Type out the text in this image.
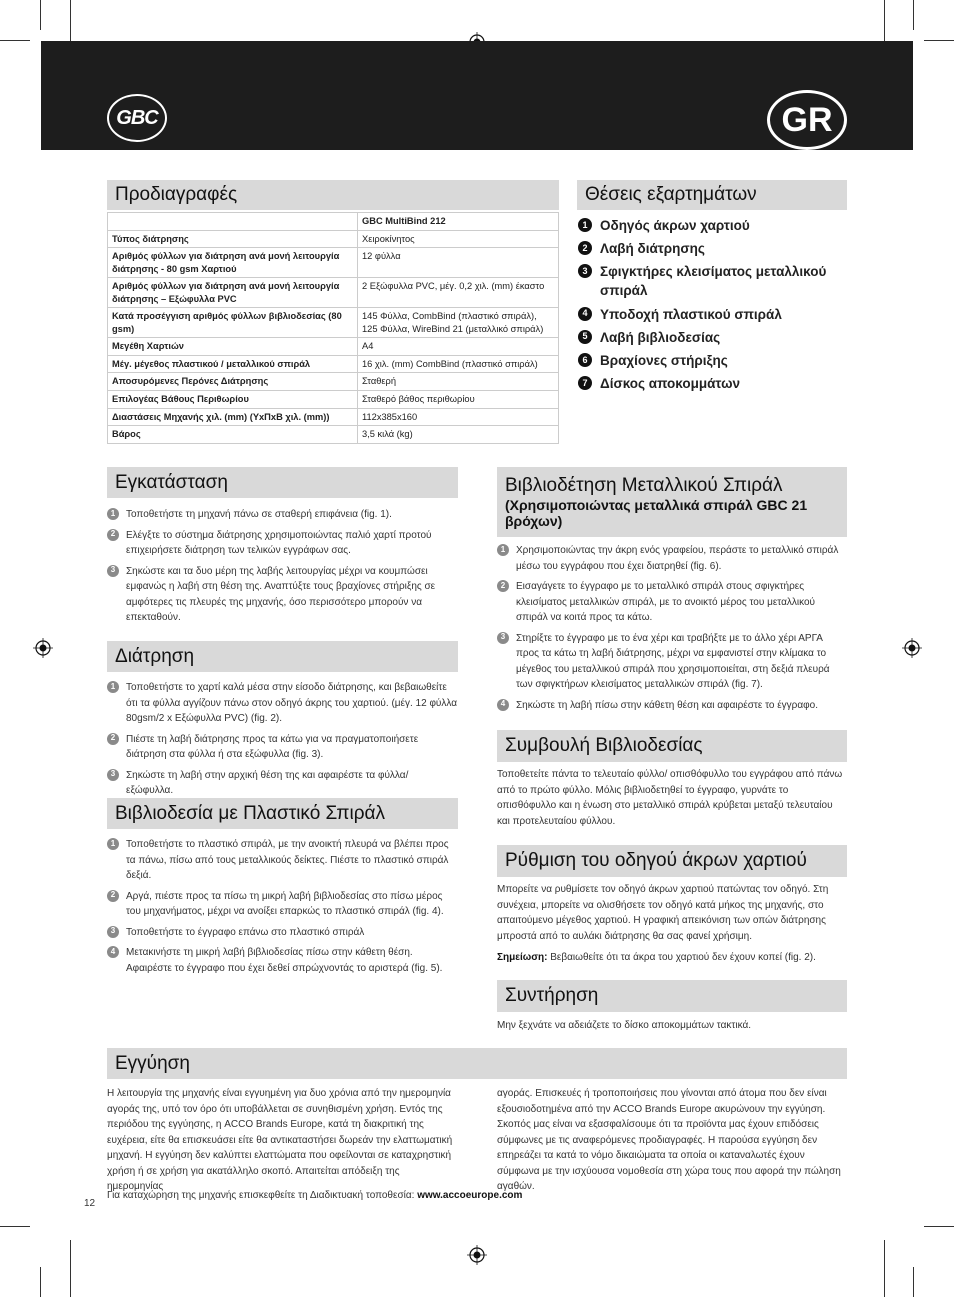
GBC	GR
Προδιαγραφές
	GBC MultiBind 212
Τύπος διάτρησης	Χειροκίνητος
Αριθμός φύλλων για διάτρηση ανά μονή λειτουργία διάτρησης - 80 gsm Χαρτιού	12 φύλλα
Αριθμός φύλλων για διάτρηση ανά μονή λειτουργία διάτρησης – Εξώφυλλα PVC	2 Εξώφυλλα PVC, μέγ. 0,2 χιλ. (mm) έκαστο
Κατά προσέγγιση αριθμός φύλλων βιβλιοδεσίας (80 gsm)	145 Φύλλα, CombBind (πλαστικό σπιράλ), 125 Φύλλα, WireBind 21 (μεταλλικό σπιράλ)
Μεγέθη Χαρτιών	A4
Μέγ. μέγεθος πλαστικού / μεταλλικού σπιράλ	16 χιλ. (mm) CombBind (πλαστικό σπιράλ)
Αποσυρόμενες Περόνες Διάτρησης	Σταθερή
Επιλογέας Βάθους Περιθωρίου	Σταθερό βάθος περιθωρίου
Διαστάσεις Μηχανής χιλ. (mm) (ΥxΠxΒ χιλ. (mm))	112x385x160
Βάρος	3,5 κιλά (kg)
Θέσεις εξαρτημάτων
1 Οδηγός άκρων χαρτιού
2 Λαβή διάτρησης
3 Σφιγκτήρες κλεισίματος μεταλλικού σπιράλ
4 Υποδοχή πλαστικού σπιράλ
5 Λαβή βιβλιοδεσίας
6 Βραχίονες στήριξης
7 Δίσκος αποκομμάτων
Εγκατάσταση
1	Τοποθετήστε τη μηχανή πάνω σε σταθερή επιφάνεια (fig. 1).
2	Ελέγξτε το σύστημα διάτρησης χρησιμοποιώντας παλιό χαρτί προτού επιχειρήσετε διάτρηση των τελικών εγγράφων σας.
3	Σηκώστε και τα δυο μέρη της λαβής λειτουργίας μέχρι να κουμπώσει εμφανώς η λαβή στη θέση της. Αναπτύξτε τους βραχίονες στήριξης σε αμφότερες τις πλευρές της μηχανής, όσο περισσότερο μπορούν να επεκταθούν.
Διάτρηση
1	Τοποθετήστε το χαρτί καλά μέσα στην είσοδο διάτρησης, και βεβαιωθείτε ότι τα φύλλα αγγίζουν πάνω στον οδηγό άκρης του χαρτιού. (μέγ. 12 φύλλα 80gsm/2 x Εξώφυλλα PVC) (fig. 2).
2	Πιέστε τη λαβή διάτρησης προς τα κάτω για να πραγματοποιήσετε διάτρηση στα φύλλα ή στα εξώφυλλα (fig. 3).
3	Σηκώστε τη λαβή στην αρχική θέση της και αφαιρέστε τα φύλλα/ εξώφυλλα.
Βιβλιοδεσία με Πλαστικό Σπιράλ
1	Τοποθετήστε το πλαστικό σπιράλ, με την ανοικτή πλευρά να βλέπει προς τα πάνω, πίσω από τους μεταλλικούς δείκτες. Πιέστε το πλαστικό σπιράλ δεξιά.
2	Αργά, πιέστε προς τα πίσω τη μικρή λαβή βιβλιοδεσίας στο πίσω μέρος του μηχανήματος, μέχρι να ανοίξει επαρκώς το πλαστικό σπιράλ (fig. 4).
3	Τοποθετήστε το έγγραφο επάνω στο πλαστικό σπιράλ
4	Μετακινήστε τη μικρή λαβή βιβλιοδεσίας πίσω στην κάθετη θέση. Αφαιρέστε το έγγραφο που έχει δεθεί σπρώχνοντάς το αριστερά (fig. 5).
Βιβλιοδέτηση Μεταλλικού Σπιράλ
(Χρησιμοποιώντας μεταλλικά σπιράλ GBC 21 βρόχων)
1	Χρησιμοποιώντας την άκρη ενός γραφείου, περάστε το μεταλλικό σπιράλ μέσω του εγγράφου που έχει διατρηθεί (fig. 6).
2	Εισαγάγετε το έγγραφο με το μεταλλικό σπιράλ στους σφιγκτήρες κλεισίματος μεταλλικών σπιράλ, με το ανοικτό μέρος του μεταλλικού σπιράλ να κοιτά προς τα κάτω.
3	Στηρίξτε το έγγραφο με το ένα χέρι και τραβήξτε με το άλλο χέρι ΑΡΓΑ προς τα κάτω τη λαβή διάτρησης, μέχρι να εμφανιστεί στην κλίμακα το μέγεθος του μεταλλικού σπιράλ που χρησιμοποιείται, στη δεξιά πλευρά των σφιγκτήρων κλεισίματος μεταλλικών σπιράλ (fig. 7).
4	Σηκώστε τη λαβή πίσω στην κάθετη θέση και αφαιρέστε το έγγραφο.
Συμβουλή Βιβλιοδεσίας
Τοποθετείτε πάντα το τελευταίο φύλλο/ οπισθόφυλλο του εγγράφου από πάνω από το πρώτο φύλλο. Μόλις βιβλιοδετηθεί το έγγραφο, γυρνάτε το οπισθόφυλλο και η ένωση στο μεταλλικό σπιράλ κρύβεται μεταξύ τελευταίου και προτελευταίου φύλλου.
Ρύθμιση του οδηγού άκρων χαρτιού
Μπορείτε να ρυθμίσετε τον οδηγό άκρων χαρτιού πατώντας τον οδηγό. Στη συνέχεια, μπορείτε να ολισθήσετε τον οδηγό κατά μήκος της μηχανής, στο απαιτούμενο μέγεθος χαρτιού. Η γραφική απεικόνιση των οπών διάτρησης μπροστά από το αυλάκι διάτρησης θα σας φανεί χρήσιμη.
Σημείωση: Βεβαιωθείτε ότι τα άκρα του χαρτιού δεν έχουν κοπεί (fig. 2).
Συντήρηση
Μην ξεχνάτε να αδειάζετε το δίσκο αποκομμάτων τακτικά.
Εγγύηση
Η λειτουργία της μηχανής είναι εγγυημένη για δυο χρόνια από την ημερομηνία αγοράς της, υπό τον όρο ότι υποβάλλεται σε συνηθισμένη χρήση. Εντός της περιόδου της εγγύησης, η ACCO Brands Europe, κατά τη διακριτική της ευχέρεια, είτε θα επισκευάσει είτε θα αντικαταστήσει δωρεάν την ελαττωματική μηχανή. Η εγγύηση δεν καλύπτει ελαττώματα που οφείλονται σε καταχρηστική χρήση ή σε χρήση για ακατάλληλο σκοπό. Απαιτείται απόδειξη της ημερομηνίας
αγοράς. Επισκευές ή τροποποιήσεις που γίνονται από άτομα που δεν είναι εξουσιοδοτημένα από την ACCO Brands Europe ακυρώνουν την εγγύηση. Σκοπός μας είναι να εξασφαλίσουμε ότι τα προϊόντα μας έχουν επιδόσεις σύμφωνες με τις αναφερόμενες προδιαγραφές. Η παρούσα εγγύηση δεν επηρεάζει τα κατά το νόμο δικαιώματα τα οποία οι καταναλωτές έχουν σύμφωνα με την ισχύουσα νομοθεσία στη χώρα τους που αφορά την πώληση αγαθών.
Για καταχώρηση της μηχανής επισκεφθείτε τη Διαδικτυακή τοποθεσία: www.accoeurope.com
12
